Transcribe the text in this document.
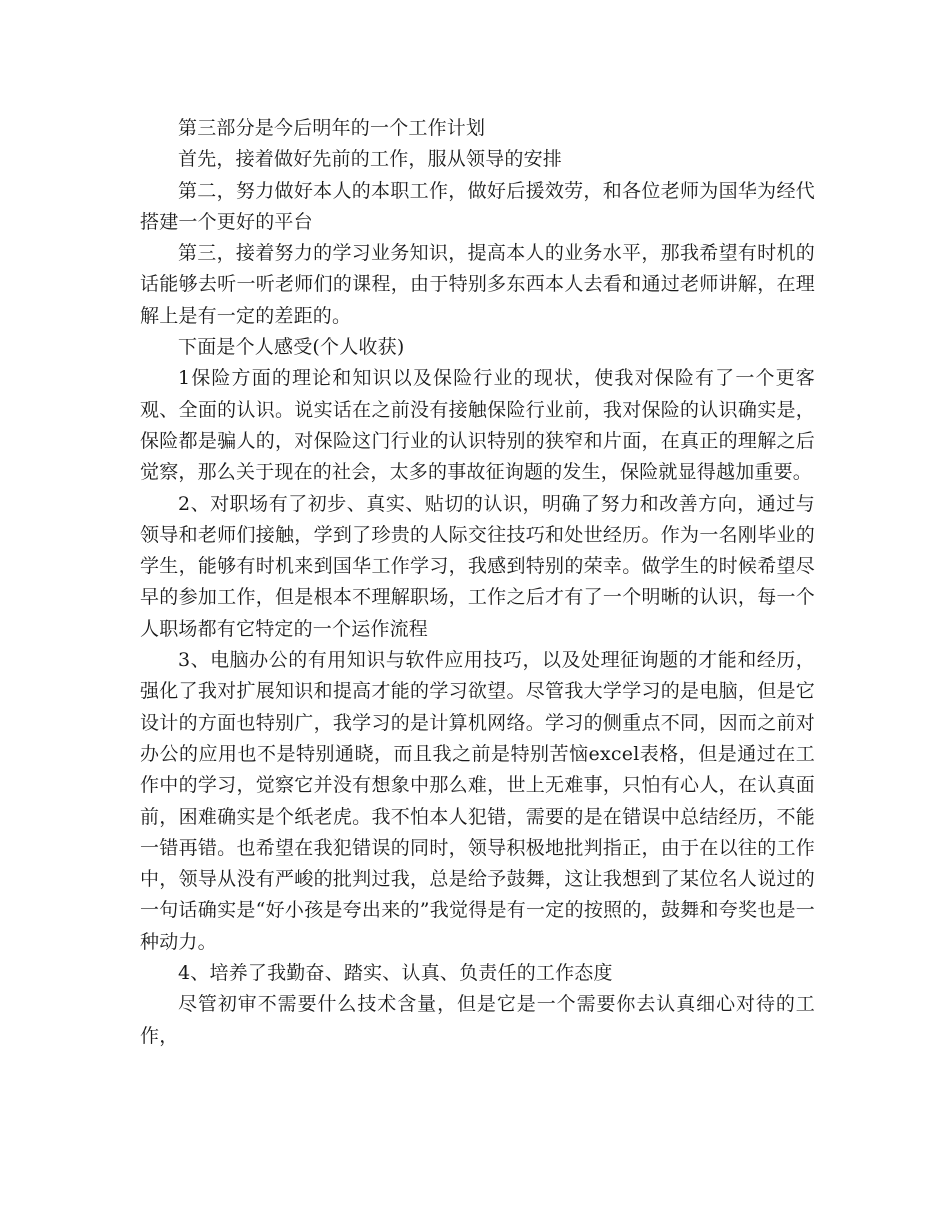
第三部分是今后明年的一个工作计划

首先，接着做好先前的工作，服从领导的安排

第二，努力做好本人的本职工作，做好后援效劳，和各位老师为国华为经代搭建一个更好的平台

第三，接着努力的学习业务知识，提高本人的业务水平，那我希望有时机的话能够去听一听老师们的课程，由于特别多东西本人去看和通过老师讲解，在理解上是有一定的差距的。

下面是个人感受(个人收获)

1保险方面的理论和知识以及保险行业的现状，使我对保险有了一个更客观、全面的认识。说实话在之前没有接触保险行业前，我对保险的认识确实是，保险都是骗人的，对保险这门行业的认识特别的狭窄和片面，在真正的理解之后觉察，那么关于现在的社会，太多的事故征询题的发生，保险就显得越加重要。

2、对职场有了初步、真实、贴切的认识，明确了努力和改善方向，通过与领导和老师们接触，学到了珍贵的人际交往技巧和处世经历。作为一名刚毕业的学生，能够有时机来到国华工作学习，我感到特别的荣幸。做学生的时候希望尽早的参加工作，但是根本不理解职场，工作之后才有了一个明晰的认识，每一个人职场都有它特定的一个运作流程

3、电脑办公的有用知识与软件应用技巧，以及处理征询题的才能和经历，强化了我对扩展知识和提高才能的学习欲望。尽管我大学学习的是电脑，但是它设计的方面也特别广，我学习的是计算机网络。学习的侧重点不同，因而之前对办公的应用也不是特别通晓，而且我之前是特别苦恼excel表格，但是通过在工作中的学习，觉察它并没有想象中那么难，世上无难事，只怕有心人，在认真面前，困难确实是个纸老虎。我不怕本人犯错，需要的是在错误中总结经历，不能一错再错。也希望在我犯错误的同时，领导积极地批判指正，由于在以往的工作中，领导从没有严峻的批判过我，总是给予鼓舞，这让我想到了某位名人说过的一句话确实是“好小孩是夸出来的”我觉得是有一定的按照的，鼓舞和夸奖也是一种动力。

4、培养了我勤奋、踏实、认真、负责任的工作态度

尽管初审不需要什么技术含量，但是它是一个需要你去认真细心对待的工作，
